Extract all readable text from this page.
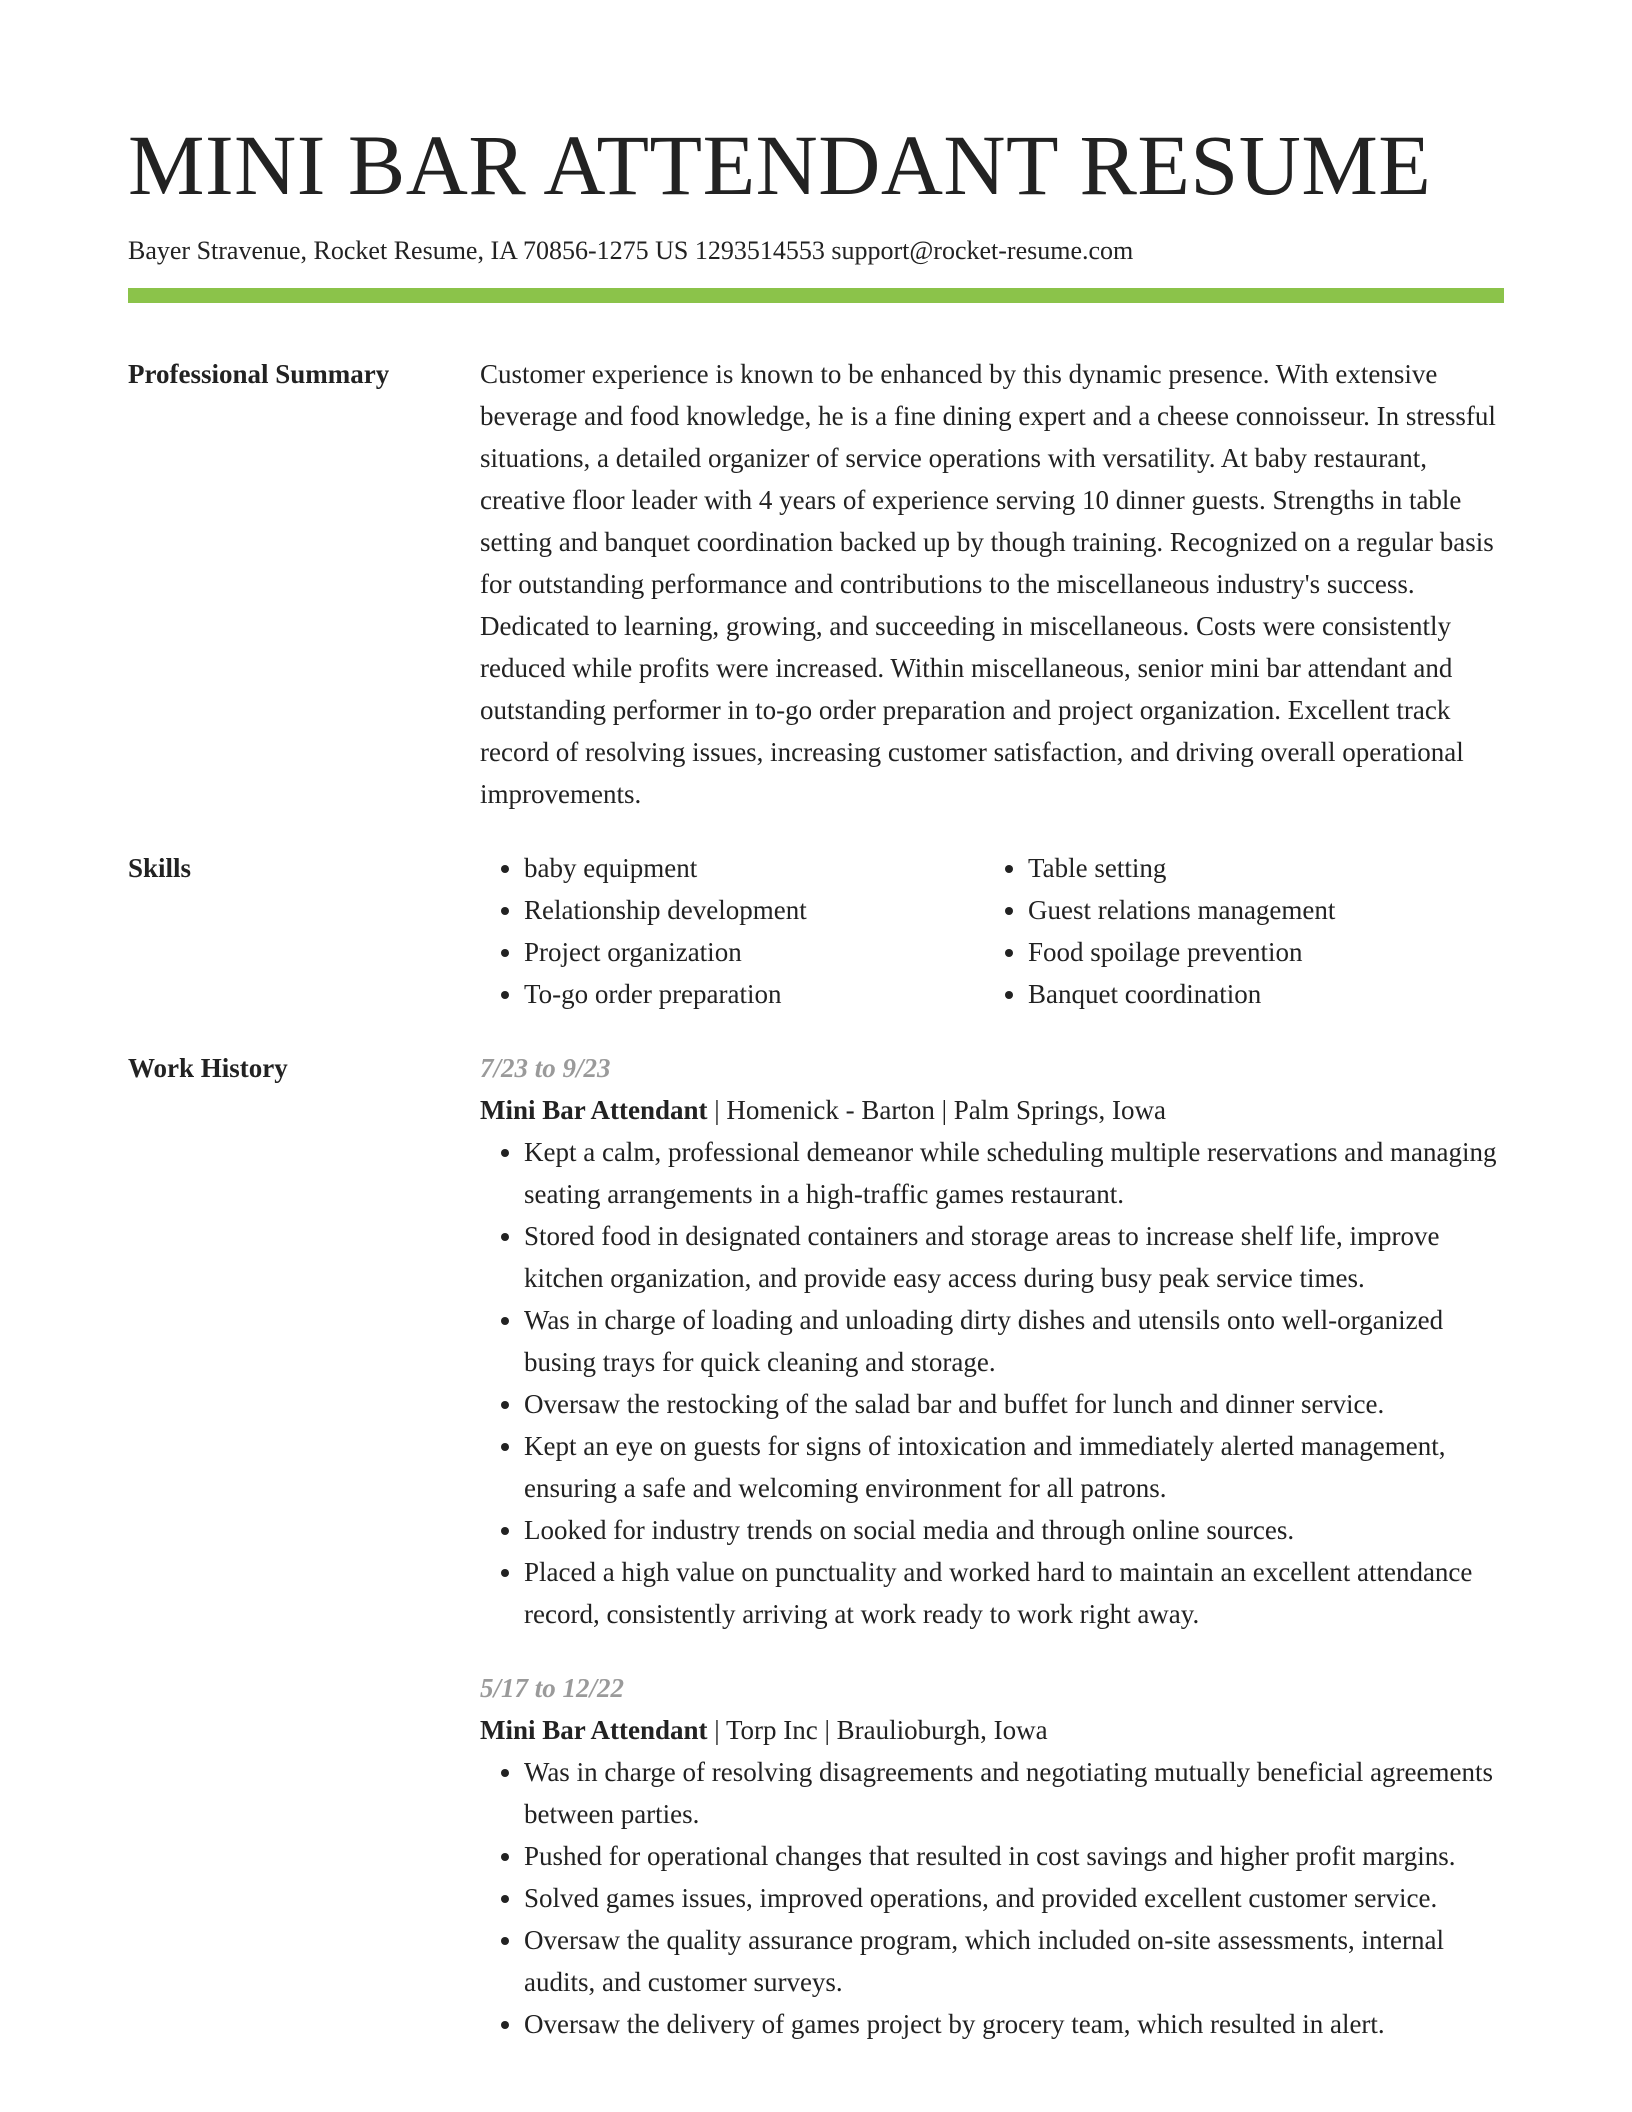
MINI BAR ATTENDANT RESUME
Bayer Stravenue, Rocket Resume, IA 70856-1275 US 1293514553 support@rocket-resume.com
Professional Summary	Customer experience is known to be enhanced by this dynamic presence. With extensive beverage and food knowledge, he is a fine dining expert and a cheese connoisseur. In stressful situations, a detailed organizer of service operations with versatility. At baby restaurant, creative floor leader with 4 years of experience serving 10 dinner guests. Strengths in table setting and banquet coordination backed up by though training. Recognized on a regular basis for outstanding performance and contributions to the miscellaneous industry's success. Dedicated to learning, growing, and succeeding in miscellaneous. Costs were consistently reduced while profits were increased. Within miscellaneous, senior mini bar attendant and outstanding performer in to-go order preparation and project organization. Excellent track record of resolving issues, increasing customer satisfaction, and driving overall operational improvements.
Skills
•	baby equipment
• Relationship development
• Project organization
• To-go order preparation
• Table setting
• Guest relations management
• Food spoilage prevention
• Banquet coordination
Work History	7/23 to 9/23
Mini Bar Attendant | Homenick - Barton | Palm Springs, Iowa
• Kept a calm, professional demeanor while scheduling multiple reservations and managing seating arrangements in a high-traffic games restaurant.
• Stored food in designated containers and storage areas to increase shelf life, improve kitchen organization, and provide easy access during busy peak service times.
• Was in charge of loading and unloading dirty dishes and utensils onto well-organized busing trays for quick cleaning and storage.
• Oversaw the restocking of the salad bar and buffet for lunch and dinner service.
• Kept an eye on guests for signs of intoxication and immediately alerted management, ensuring a safe and welcoming environment for all patrons.
• Looked for industry trends on social media and through online sources.
• Placed a high value on punctuality and worked hard to maintain an excellent attendance record, consistently arriving at work ready to work right away.
5/17 to 12/22
Mini Bar Attendant | Torp Inc | Braulioburgh, Iowa
• Was in charge of resolving disagreements and negotiating mutually beneficial agreements between parties.
• Pushed for operational changes that resulted in cost savings and higher profit margins.
• Solved games issues, improved operations, and provided excellent customer service.
• Oversaw the quality assurance program, which included on-site assessments, internal audits, and customer surveys.
• Oversaw the delivery of games project by grocery team, which resulted in alert.
